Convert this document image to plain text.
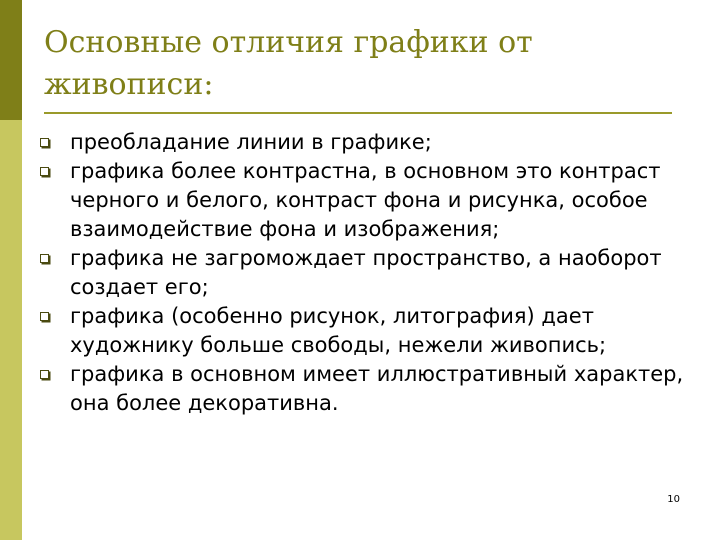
Основные отличия графики от
живописи:
преобладание линии в графике;
графика более контрастна, в основном это контраст черного и белого, контраст фона и рисунка, особое взаимодействие фона и изображения;
графика не загромождает пространство, а наоборот создает его;
графика (особенно рисунок, литография) дает художнику больше свободы, нежели живопись;
графика в основном имеет иллюстративный характер, она более декоративна.
10
